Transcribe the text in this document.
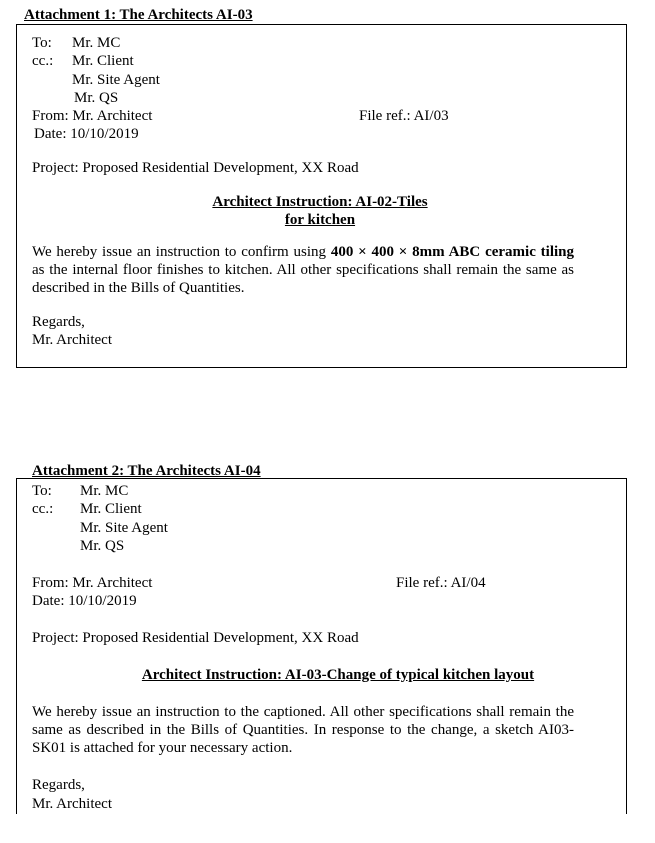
Attachment 1: The Architects AI-03
To: Mr. MC
cc.: Mr. Client
Mr. Site Agent
Mr. QS
From: Mr. Architect	File ref.: AI/03
Date: 10/10/2019
Project: Proposed Residential Development, XX Road
Architect Instruction: AI-02-Tiles
for kitchen
We hereby issue an instruction to confirm using 400 × 400 × 8mm ABC ceramic tiling as the internal floor finishes to kitchen. All other specifications shall remain the same as described in the Bills of Quantities.
Regards,
Mr. Architect
Attachment 2: The Architects AI-04
To: Mr. MC
cc.: Mr. Client
Mr. Site Agent
Mr. QS
From: Mr. Architect	File ref.: AI/04
Date: 10/10/2019
Project: Proposed Residential Development, XX Road
Architect Instruction: AI-03-Change of typical kitchen layout
We hereby issue an instruction to the captioned. All other specifications shall remain the same as described in the Bills of Quantities. In response to the change, a sketch AI03-SK01 is attached for your necessary action.
Regards,
Mr. Architect
